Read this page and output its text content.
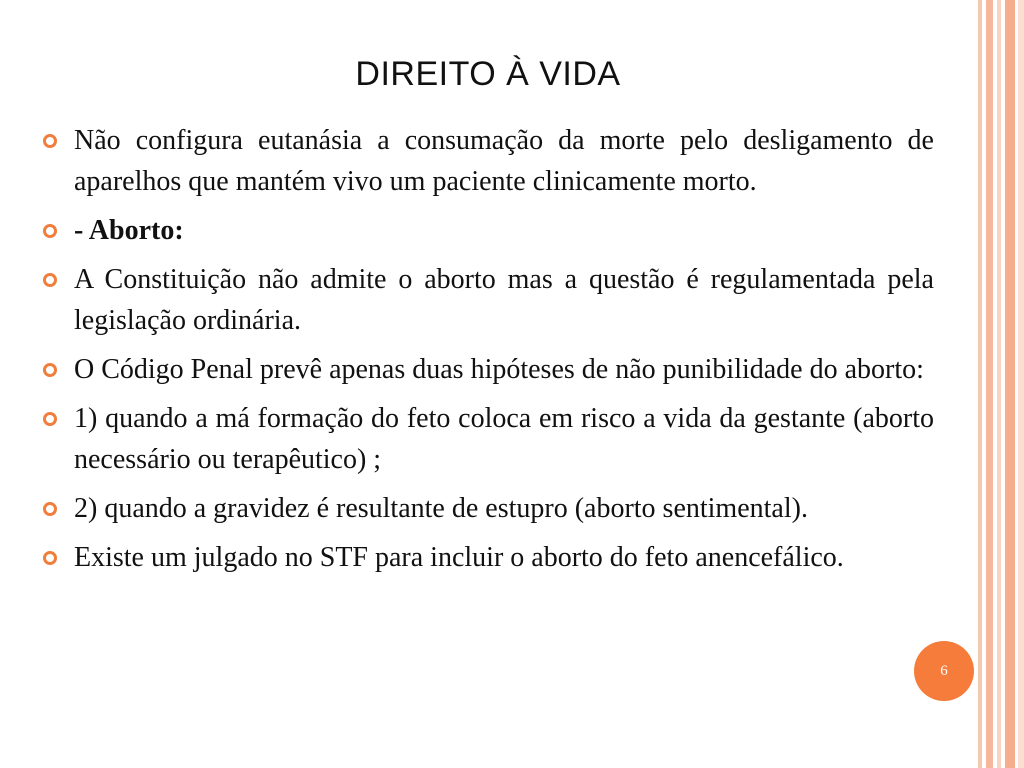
DIREITO À VIDA
Não configura eutanásia a consumação da morte pelo desligamento de aparelhos que mantém vivo um paciente clinicamente morto.
- Aborto:
A Constituição não admite o aborto mas a questão é regulamentada pela legislação ordinária.
O Código Penal prevê apenas duas hipóteses de não punibilidade do aborto:
1) quando a má formação do feto coloca em risco a vida da gestante (aborto necessário ou terapêutico) ;
2) quando a gravidez é resultante de estupro (aborto sentimental).
Existe um julgado no STF para incluir o aborto do feto anencefálico.
6
